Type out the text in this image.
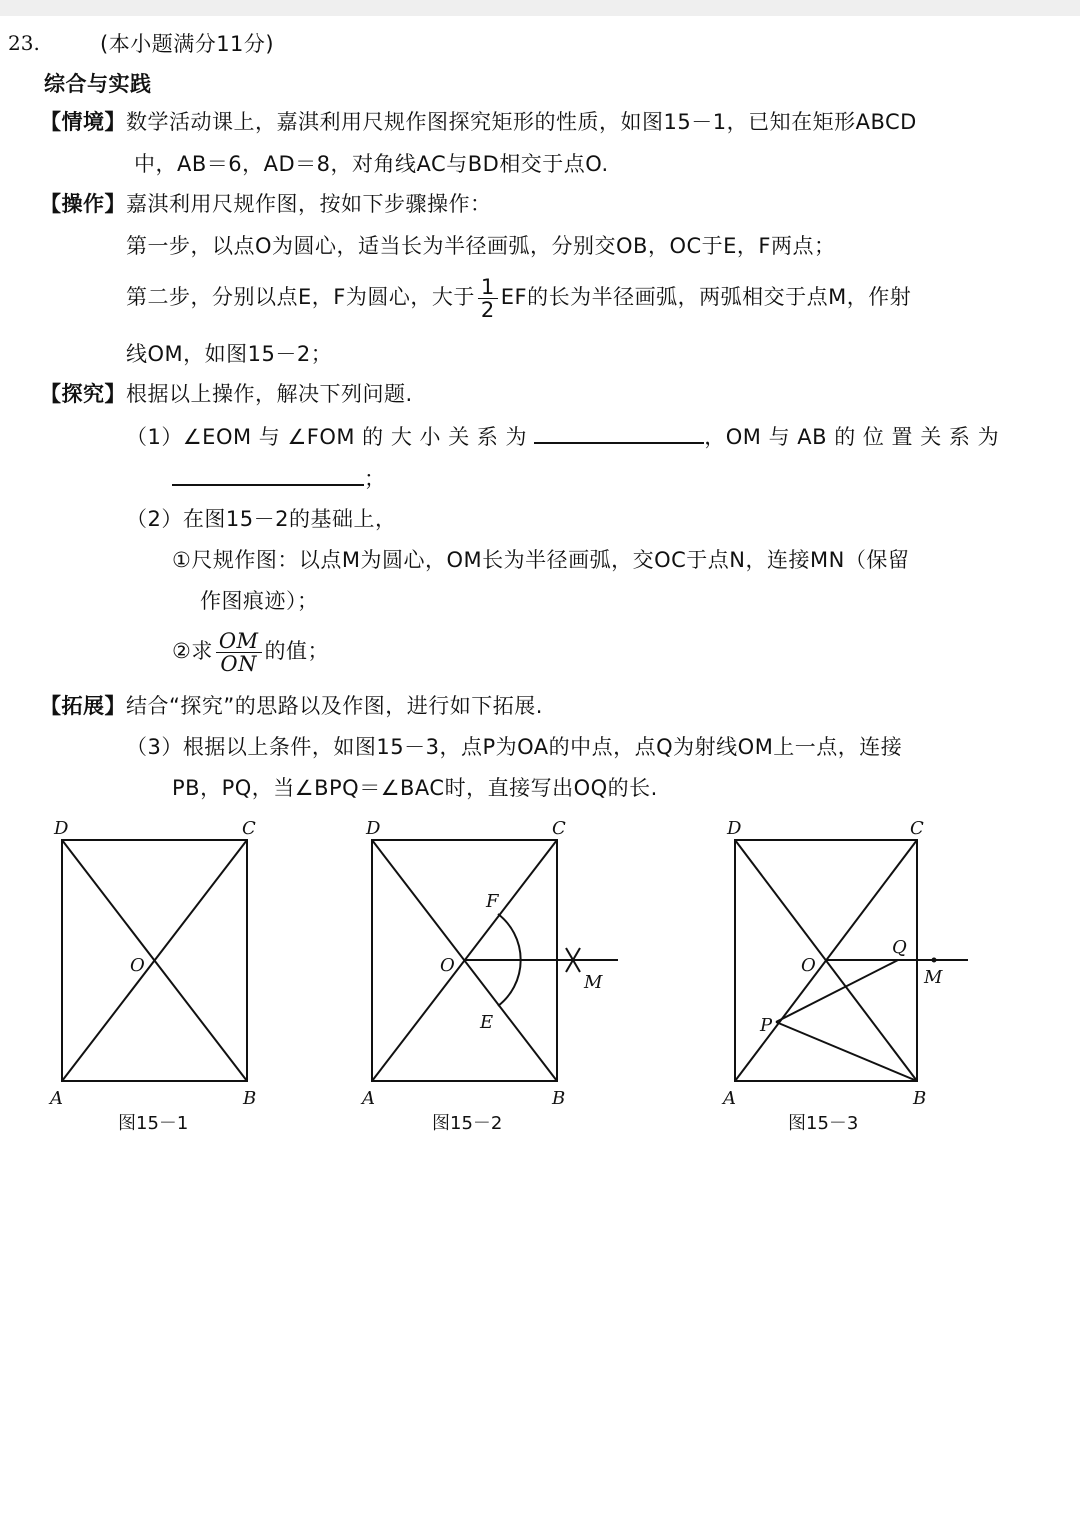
23.	(本小题满分11分)
综合与实践
【情境】数学活动课上，嘉淇利用尺规作图探究矩形的性质，如图15－1，已知在矩形ABCD
中，AB＝6，AD＝8，对角线AC与BD相交于点O.
【操作】嘉淇利用尺规作图，按如下步骤操作：
第一步，以点O为圆心，适当长为半径画弧，分别交OB，OC于E，F两点；
第二步，分别以点E，F为圆心，大于 $\frac{1}{2}$ EF的长为半径画弧，两弧相交于点M，作射
线OM，如图15－2；
【探究】根据以上操作，解决下列问题.
（1）∠EOM 与 ∠FOM 的 大 小 关 系 为	，OM 与 AB 的 位 置 关 系 为
；
（2）在图15－2的基础上，
①尺规作图：以点M为圆心，OM长为半径画弧，交OC于点N，连接MN（保留
作图痕迹）；
②求 $\frac{OM}{ON}$ 的值；
【拓展】结合“探究”的思路以及作图，进行如下拓展.
（3）根据以上条件，如图15－3，点P为OA的中点，点Q为射线OM上一点，连接
PB，PQ，当∠BPQ＝∠BAC时，直接写出OQ的长.
D	C
A	B
O
D	C
A	B
O
F
E
M
D	C
A	B
O
Q
M
P
图15－1	图15－2	图15－3
